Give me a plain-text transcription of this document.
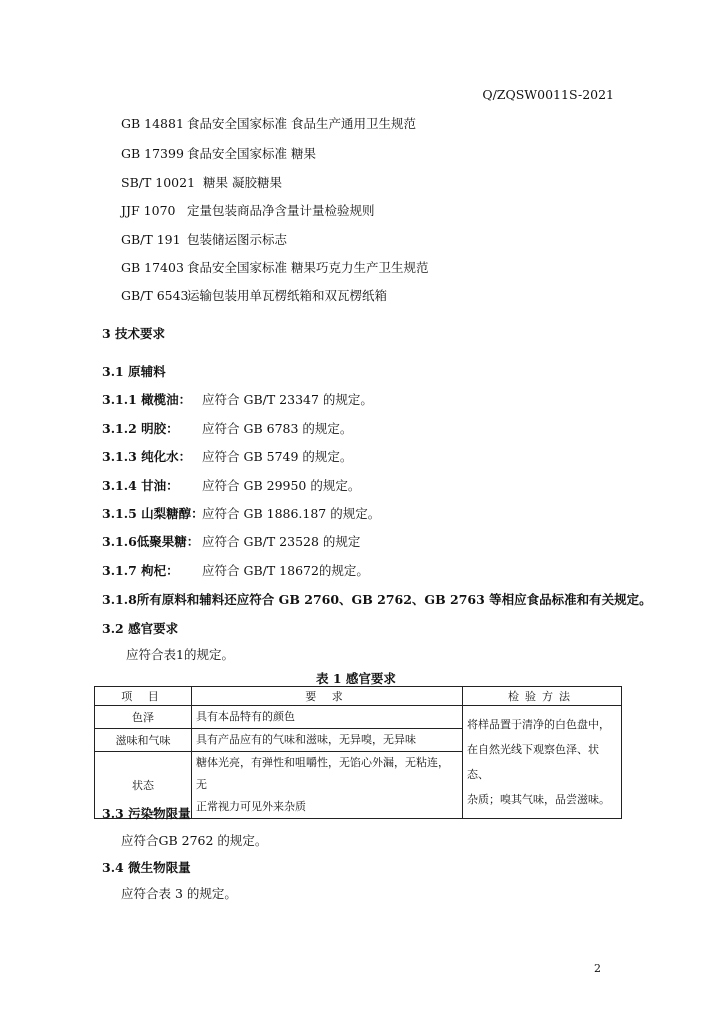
Q/ZQSW0011S-2021
GB 14881 食品安全国家标准 食品生产通用卫生规范
GB 17399 食品安全国家标准 糖果
SB/T 10021 糖果 凝胶糖果
JJF 1070 定量包装商品净含量计量检验规则
GB/T 191 包装储运图示标志
GB 17403 食品安全国家标准 糖果巧克力生产卫生规范
GB/T 6543运输包装用单瓦楞纸箱和双瓦楞纸箱
3 技术要求
3.1 原辅料
3.1.1 橄榄油： 应符合 GB/T 23347 的规定。
3.1.2 明胶： 应符合 GB 6783 的规定。
3.1.3 纯化水： 应符合 GB 5749 的规定。
3.1.4 甘油： 应符合 GB 29950 的规定。
3.1.5 山梨糖醇：应符合 GB 1886.187 的规定。
3.1.6低聚果糖： 应符合 GB/T 23528 的规定
3.1.7 枸杞： 应符合 GB/T 18672的规定。
3.1.8所有原料和辅料还应符合 GB 2760、GB 2762、GB 2763 等相应食品标准和有关规定。
3.2 感官要求
应符合表1的规定。
表 1 感官要求
项 目	要 求	检验方法
色泽	具有本品特有的颜色	将样品置于清净的白色盘中，
在自然光线下观察色泽、状态、
杂质；嗅其气味，品尝滋味。

滋味和气味	具有产品应有的气味和滋味，无异嗅，无异味	
状态	糖体光亮，有弹性和咀嚼性，无馅心外漏，无粘连，无
正常视力可见外来杂质	
3.3 污染物限量
应符合GB 2762 的规定。
3.4 微生物限量
应符合表 3 的规定。
2
